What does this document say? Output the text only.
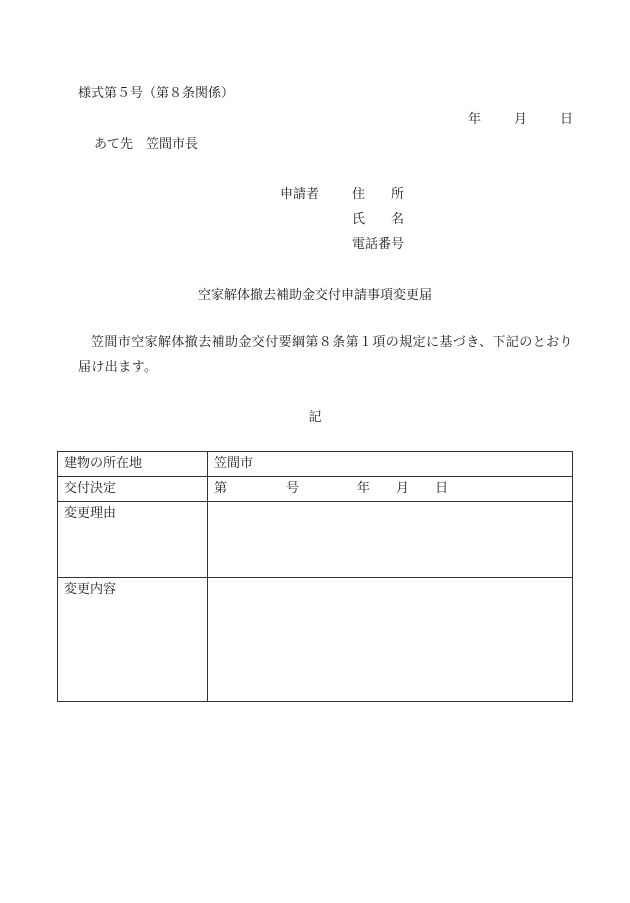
様式第５号（第８条関係）
年	月	日
あて先 笠間市長
申請者	住 所
氏 名
電話番号
空家解体撤去補助金交付申請事項変更届
笠間市空家解体撤去補助金交付要綱第８条第１項の規定に基づき、下記のとおり届け出ます。
記
建物の所在地	笠間市
交付決定	第 号 年 月 日
変更理由	
変更内容	
